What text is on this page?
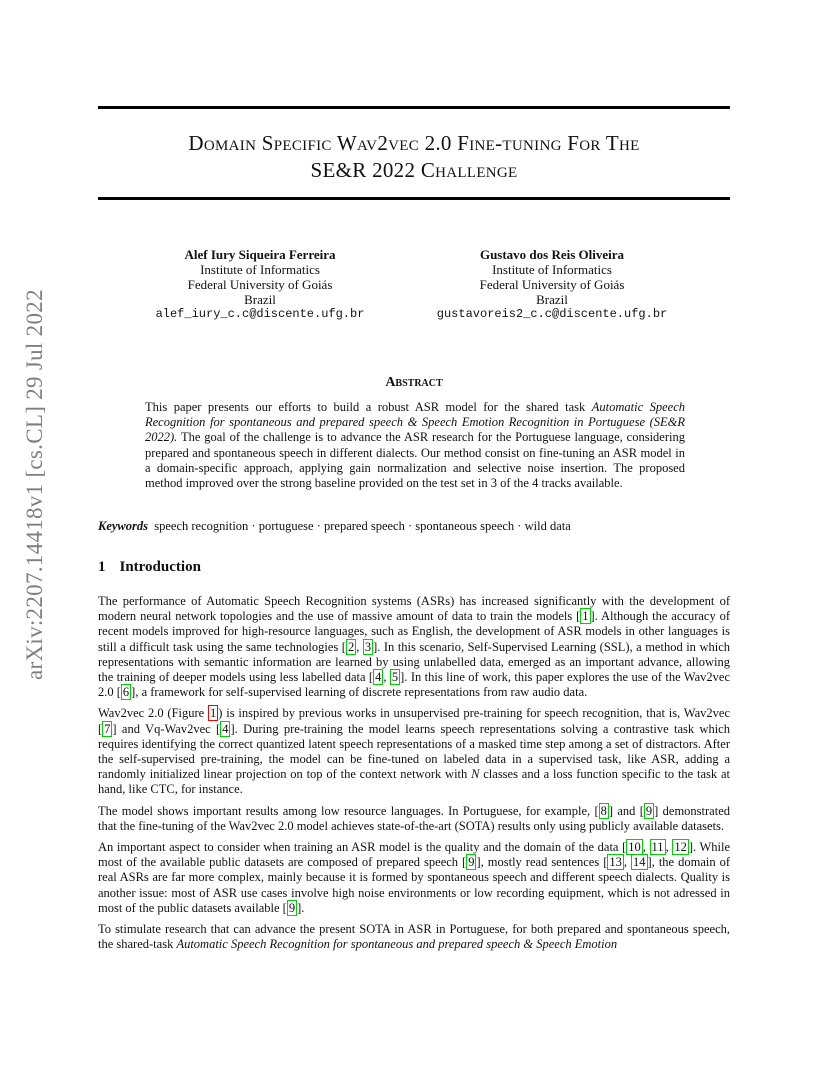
arXiv:2207.14418v1 [cs.CL] 29 Jul 2022
Domain Specific Wav2vec 2.0 Fine-tuning For The
SE&R 2022 Challenge
Alef Iury Siqueira Ferreira
Institute of Informatics
Federal University of Goiás
Brazil
alef_iury_c.c@discente.ufg.br
Gustavo dos Reis Oliveira
Institute of Informatics
Federal University of Goiás
Brazil
gustavoreis2_c.c@discente.ufg.br
Abstract
This paper presents our efforts to build a robust ASR model for the shared task Automatic Speech Recognition for spontaneous and prepared speech & Speech Emotion Recognition in Portuguese (SE&R 2022). The goal of the challenge is to advance the ASR research for the Portuguese language, considering prepared and spontaneous speech in different dialects. Our method consist on fine-tuning an ASR model in a domain-specific approach, applying gain normalization and selective noise insertion. The proposed method improved over the strong baseline provided on the test set in 3 of the 4 tracks available.
Keywords speech recognition · portuguese · prepared speech · spontaneous speech · wild data
1 Introduction

The performance of Automatic Speech Recognition systems (ASRs) has increased significantly with the development of modern neural network topologies and the use of massive amount of data to train the models [ 1 ]. Although the accuracy of recent models improved for high-resource languages, such as English, the development of ASR models in other languages is still a difficult task using the same technologies [ 2 , 3 ]. In this scenario, Self-Supervised Learning (SSL), a method in which representations with semantic information are learned by using unlabelled data, emerged as an important advance, allowing the training of deeper models using less labelled data [ 4 , 5 ]. In this line of work, this paper explores the use of the Wav2vec 2.0 [ 6 ], a framework for self-supervised learning of discrete representations from raw audio data.

Wav2vec 2.0 (Figure 1 ) is inspired by previous works in unsupervised pre-training for speech recognition, that is, Wav2vec [ 7 ] and Vq-Wav2vec [ 4 ]. During pre-training the model learns speech representations solving a contrastive task which requires identifying the correct quantized latent speech representations of a masked time step among a set of distractors. After the self-supervised pre-training, the model can be fine-tuned on labeled data in a supervised task, like ASR, adding a randomly initialized linear projection on top of the context network with N classes and a loss function specific to the task at hand, like CTC, for instance.

The model shows important results among low resource languages. In Portuguese, for example, [ 8 ] and [ 9 ] demonstrated that the fine-tuning of the Wav2vec 2.0 model achieves state-of-the-art (SOTA) results only using publicly available datasets.

An important aspect to consider when training an ASR model is the quality and the domain of the data [ 10 , 11 , 12 ]. While most of the available public datasets are composed of prepared speech [ 9 ], mostly read sentences [ 13 , 14 ], the domain of real ASRs are far more complex, mainly because it is formed by spontaneous speech and different speech dialects. Quality is another issue: most of ASR use cases involve high noise environments or low recording equipment, which is not adressed in most of the public datasets available [ 9 ].

To stimulate research that can advance the present SOTA in ASR in Portuguese, for both prepared and spontaneous speech, the shared-task Automatic Speech Recognition for spontaneous and prepared speech & Speech Emotion
